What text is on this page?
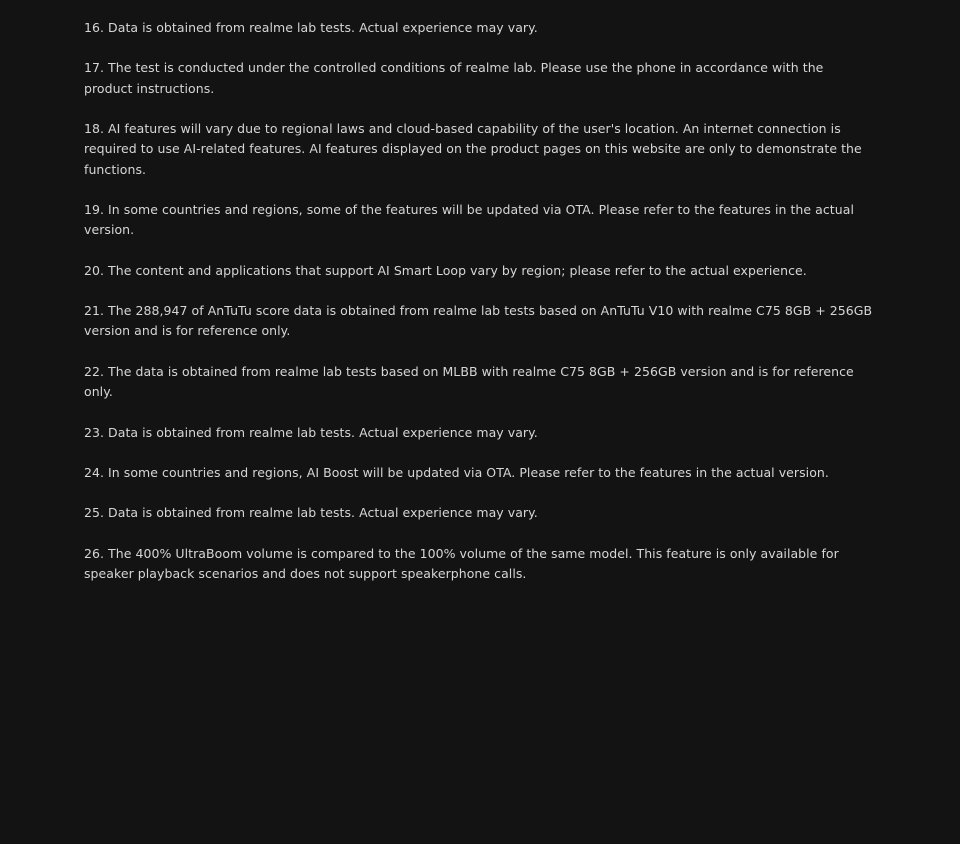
16. Data is obtained from realme lab tests. Actual experience may vary.
17. The test is conducted under the controlled conditions of realme lab. Please use the phone in accordance with the product instructions.
18. AI features will vary due to regional laws and cloud-based capability of the user's location. An internet connection is required to use AI-related features. AI features displayed on the product pages on this website are only to demonstrate the functions.
19. In some countries and regions, some of the features will be updated via OTA. Please refer to the features in the actual version.
20. The content and applications that support AI Smart Loop vary by region; please refer to the actual experience.
21. The 288,947 of AnTuTu score data is obtained from realme lab tests based on AnTuTu V10 with realme C75 8GB + 256GB version and is for reference only.
22. The data is obtained from realme lab tests based on MLBB with realme C75 8GB + 256GB version and is for reference only.
23. Data is obtained from realme lab tests. Actual experience may vary.
24. In some countries and regions, AI Boost will be updated via OTA. Please refer to the features in the actual version.
25. Data is obtained from realme lab tests. Actual experience may vary.
26. The 400% UltraBoom volume is compared to the 100% volume of the same model. This feature is only available for speaker playback scenarios and does not support speakerphone calls.
